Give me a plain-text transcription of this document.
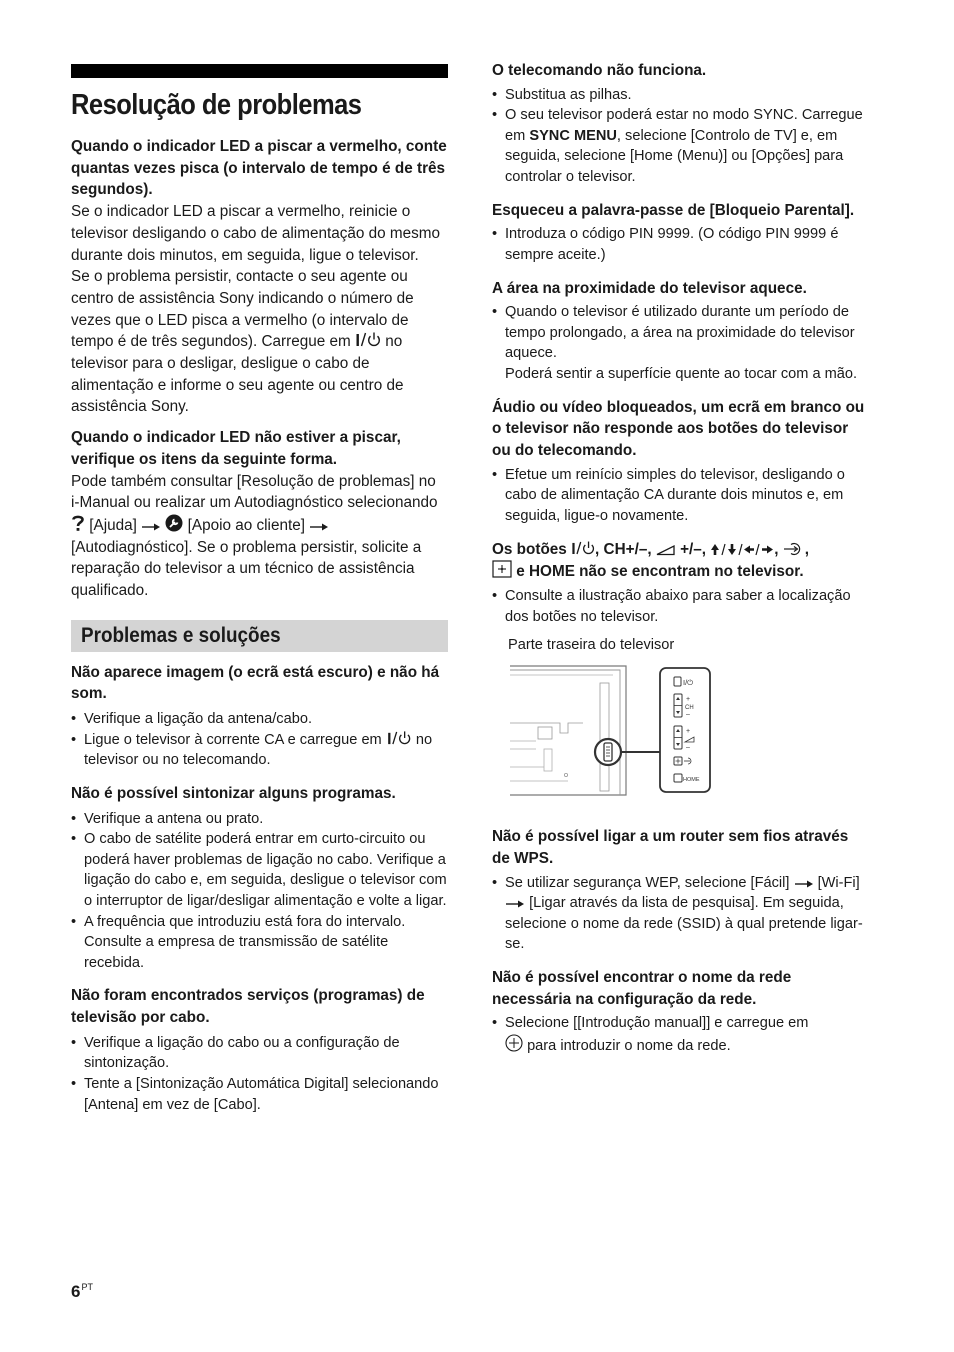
Resolução de problemas
Quando o indicador LED a piscar a vermelho, conte quantas vezes pisca (o intervalo de tempo é de três segundos).
Se o indicador LED a piscar a vermelho, reinicie o televisor desligando o cabo de alimentação do mesmo durante dois minutos, em seguida, ligue o televisor.
Se o problema persistir, contacte o seu agente ou centro de assistência Sony indicando o número de vezes que o LED pisca a vermelho (o intervalo de tempo é de três segundos). Carregue em no televisor para o desligar, desligue o cabo de alimentação e informe o seu agente ou centro de assistência Sony.
Quando o indicador LED não estiver a piscar, verifique os itens da seguinte forma.
Pode também consultar [Resolução de problemas] no i-Manual ou realizar um Autodiagnóstico selecionando  [Ajuda]	[Apoio ao cliente]  [Autodiagnóstico]. Se o problema persistir, solicite a reparação do televisor a um técnico de assistência qualificado.
Problemas e soluções
Não aparece imagem (o ecrã está escuro) e não há som.
• Verifique a ligação da antena/cabo.
• Ligue o televisor à corrente CA e carregue em no televisor ou no telecomando.
Não é possível sintonizar alguns programas.
• Verifique a antena ou prato.
• O cabo de satélite poderá entrar em curto-circuito ou poderá haver problemas de ligação no cabo. Verifique a ligação do cabo e, em seguida, desligue o televisor com o interruptor de ligar/desligar alimentação e volte a ligar.
• A frequência que introduziu está fora do intervalo. Consulte a empresa de transmissão de satélite recebida.
Não foram encontrados serviços (programas) de televisão por cabo.
• Verifique a ligação do cabo ou a configuração de sintonização.
• Tente a [Sintonização Automática Digital] selecionando [Antena] em vez de [Cabo].
O telecomando não funciona.
• Substitua as pilhas.
• O seu televisor poderá estar no modo SYNC. Carregue em SYNC MENU, selecione [Controlo de TV] e, em seguida, selecione [Home (Menu)] ou [Opções] para controlar o televisor.
Esqueceu a palavra-passe de [Bloqueio Parental].
• Introduza o código PIN 9999. (O código PIN 9999 é sempre aceite.)
A área na proximidade do televisor aquece.
• Quando o televisor é utilizado durante um período de tempo prolongado, a área na proximidade do televisor aquece.
Poderá sentir a superfície quente ao tocar com a mão.
Áudio ou vídeo bloqueados, um ecrã em branco ou o televisor não responde aos botões do televisor ou do telecomando.
• Efetue um reinício simples do televisor, desligando o cabo de alimentação CA durante dois minutos e, em seguida, ligue-o novamente.
Os botões , CH+/–, +/–,	, ,
e HOME não se encontram no televisor.
• Consulte a ilustração abaixo para saber a localização dos botões no televisor.
Parte traseira do televisor
I/⏻
+
CH
–
+
–
HOME
Não é possível ligar a um router sem fios através de WPS.
• Se utilizar segurança WEP, selecione [Fácil] [Wi-Fi]  [Ligar através da lista de pesquisa]. Em seguida, selecione o nome da rede (SSID) à qual pretende ligar-se.
Não é possível encontrar o nome da rede necessária na configuração da rede.
• Selecione [[Introdução manual]] e carregue em
para introduzir o nome da rede.
$6^{PT}$
